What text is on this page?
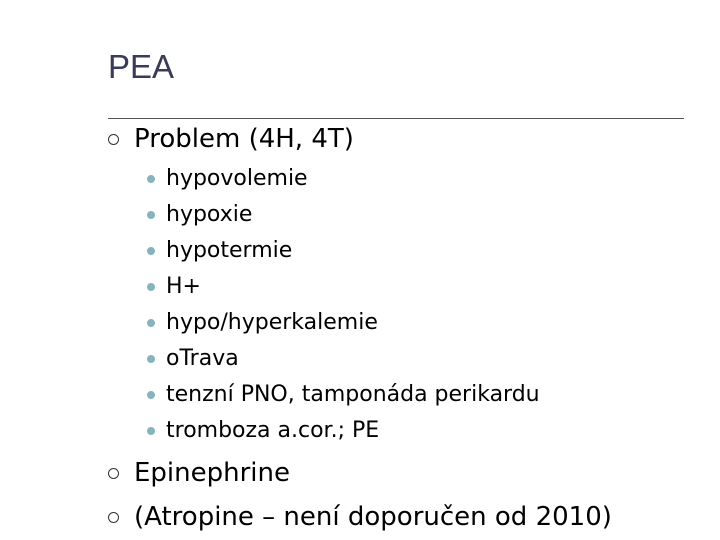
PEA
Problem (4H, 4T)
hypovolemie
hypoxie
hypotermie
H+
hypo/hyperkalemie
oTrava
tenzní PNO, tamponáda perikardu
tromboza a.cor.; PE
Epinephrine
(Atropine – není doporučen od 2010)
